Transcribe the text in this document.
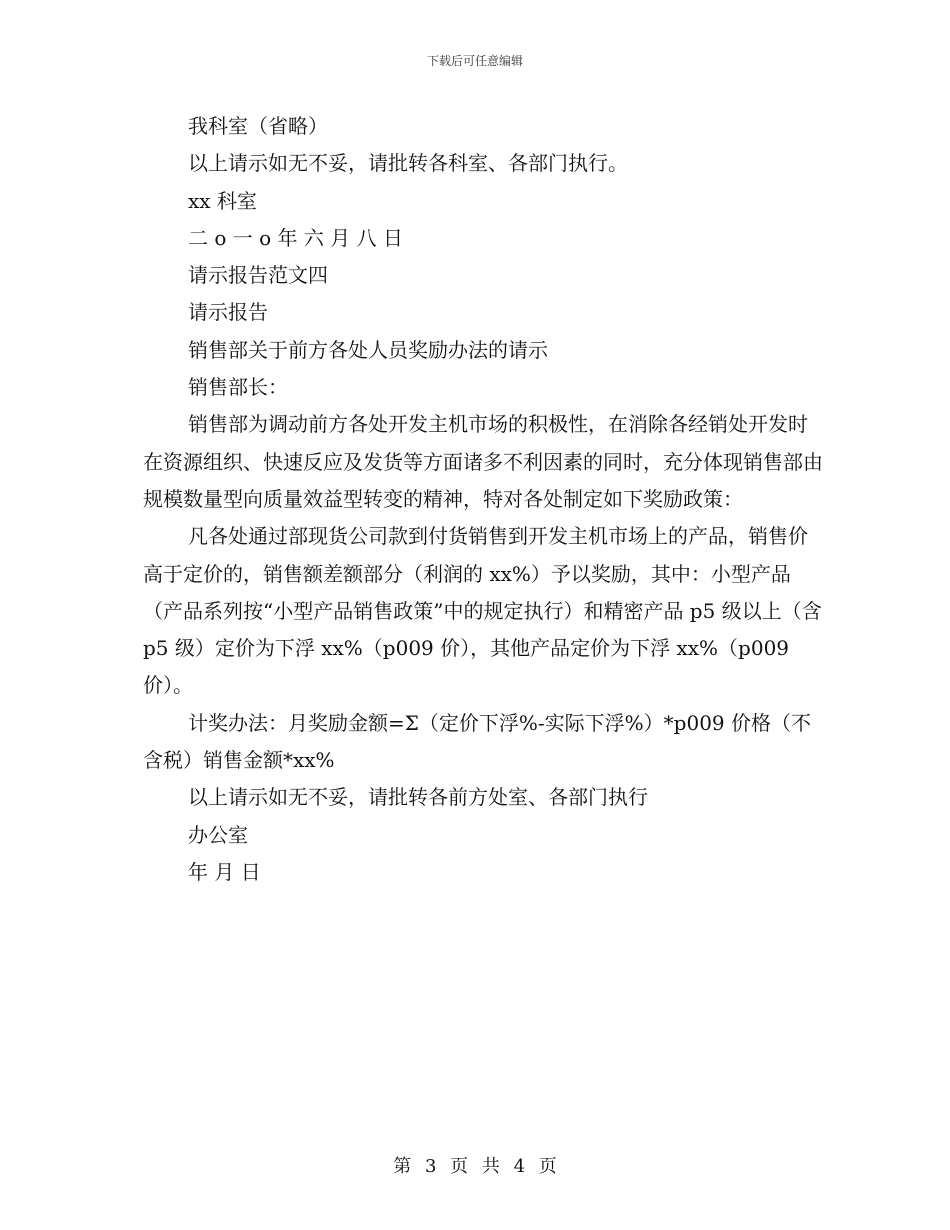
下载后可任意编辑
我科室（省略）
以上请示如无不妥，请批转各科室、各部门执行。
xx 科室
二 o 一 o 年 六 月 八 日
请示报告范文四
请示报告
销售部关于前方各处人员奖励办法的请示
销售部长：
销售部为调动前方各处开发主机市场的积极性，在消除各经销处开发时在资源组织、快速反应及发货等方面诸多不利因素的同时，充分体现销售部由规模数量型向质量效益型转变的精神，特对各处制定如下奖励政策：
凡各处通过部现货公司款到付货销售到开发主机市场上的产品，销售价高于定价的，销售额差额部分（利润的 xx%）予以奖励，其中：小型产品（产品系列按“小型产品销售政策”中的规定执行）和精密产品 p5 级以上（含 p5 级）定价为下浮 xx%（p009 价），其他产品定价为下浮 xx%（p009 价）。
计奖办法：月奖励金额=Σ（定价下浮%-实际下浮%）*p009 价格（不含税）销售金额*xx%
以上请示如无不妥，请批转各前方处室、各部门执行
办公室
年 月 日
第 3 页 共 4 页
